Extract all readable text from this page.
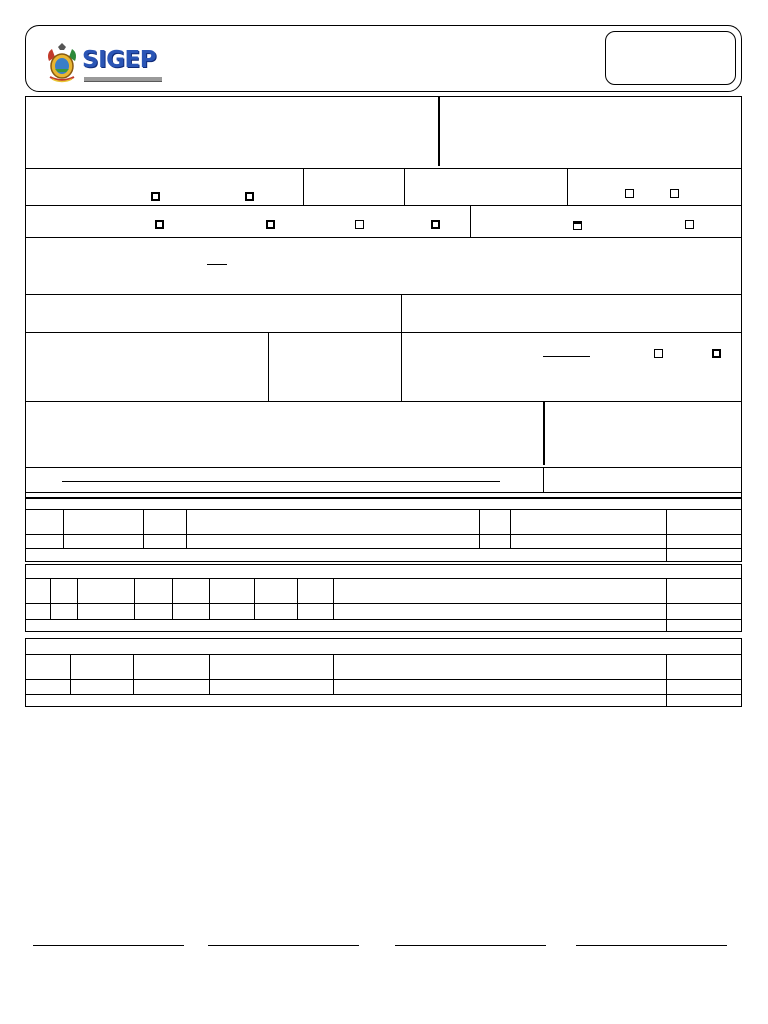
SIGEP
